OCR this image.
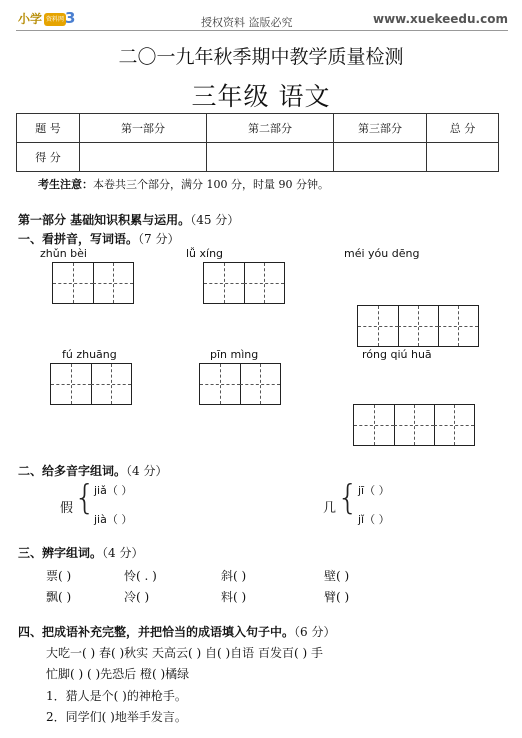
小学 资料网 3	授权资料 盗版必究	www.xuekeedu.com
二〇一九年秋季期中教学质量检测
三年级 语文
题 号	第一部分	第二部分	第三部分	总 分
得 分				
考生注意：本卷共三个部分，满分 100 分，时量 90 分钟。
第一部分 基础知识积累与运用。（45 分）
一、看拼音，写词语。（7 分）
zhǔn bèi	lǚ xíng	méi yóu dēng
fú zhuāng	pīn mìng	róng qiú huā
二、给多音字组词。（4 分）
假 {
jiǎ（ ）
jià（ ）
几 { jī（ ）
jǐ（ ）
三、辨字组词。（4 分）
票( )	怜( . )	斜( )	壁( )
飘( )	冷( )	料( )	臂( )
四、把成语补充完整，并把恰当的成语填入句子中。（6 分）
大吃一( ) 春( )秋实 天高云( ) 自( )自语 百发百( ) 手
忙脚( ) ( )先恐后 橙( )橘绿
1．猎人是个( )的神枪手。
2．同学们( )地举手发言。
